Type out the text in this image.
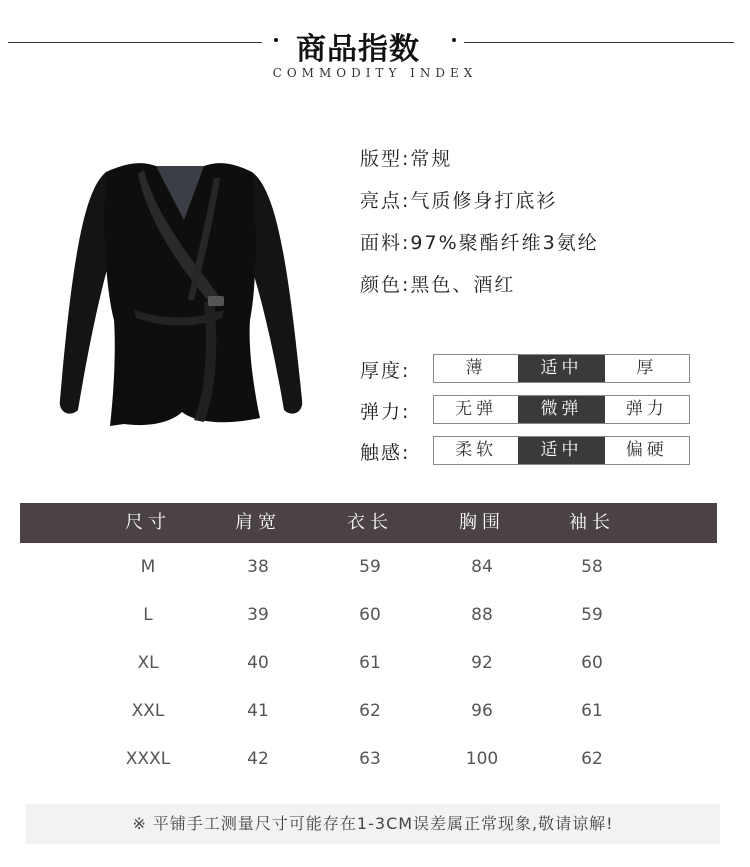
商品指数
COMMODITY INDEX
版型:常规
亮点:气质修身打底衫
面料:97%聚酯纤维3氨纶
颜色:黑色、酒红
厚度:	薄	适中	厚
弹力:	无弹	微弹	弹力
触感:	柔软	适中	偏硬
尺寸	肩宽	衣长	胸围	袖长
M	38	59	84	58
L	39	60	88	59
XL	40	61	92	60
XXL	41	62	96	61
XXXL	42	63	100	62
※ 平铺手工测量尺寸可能存在1-3CM误差属正常现象,敬请谅解!
